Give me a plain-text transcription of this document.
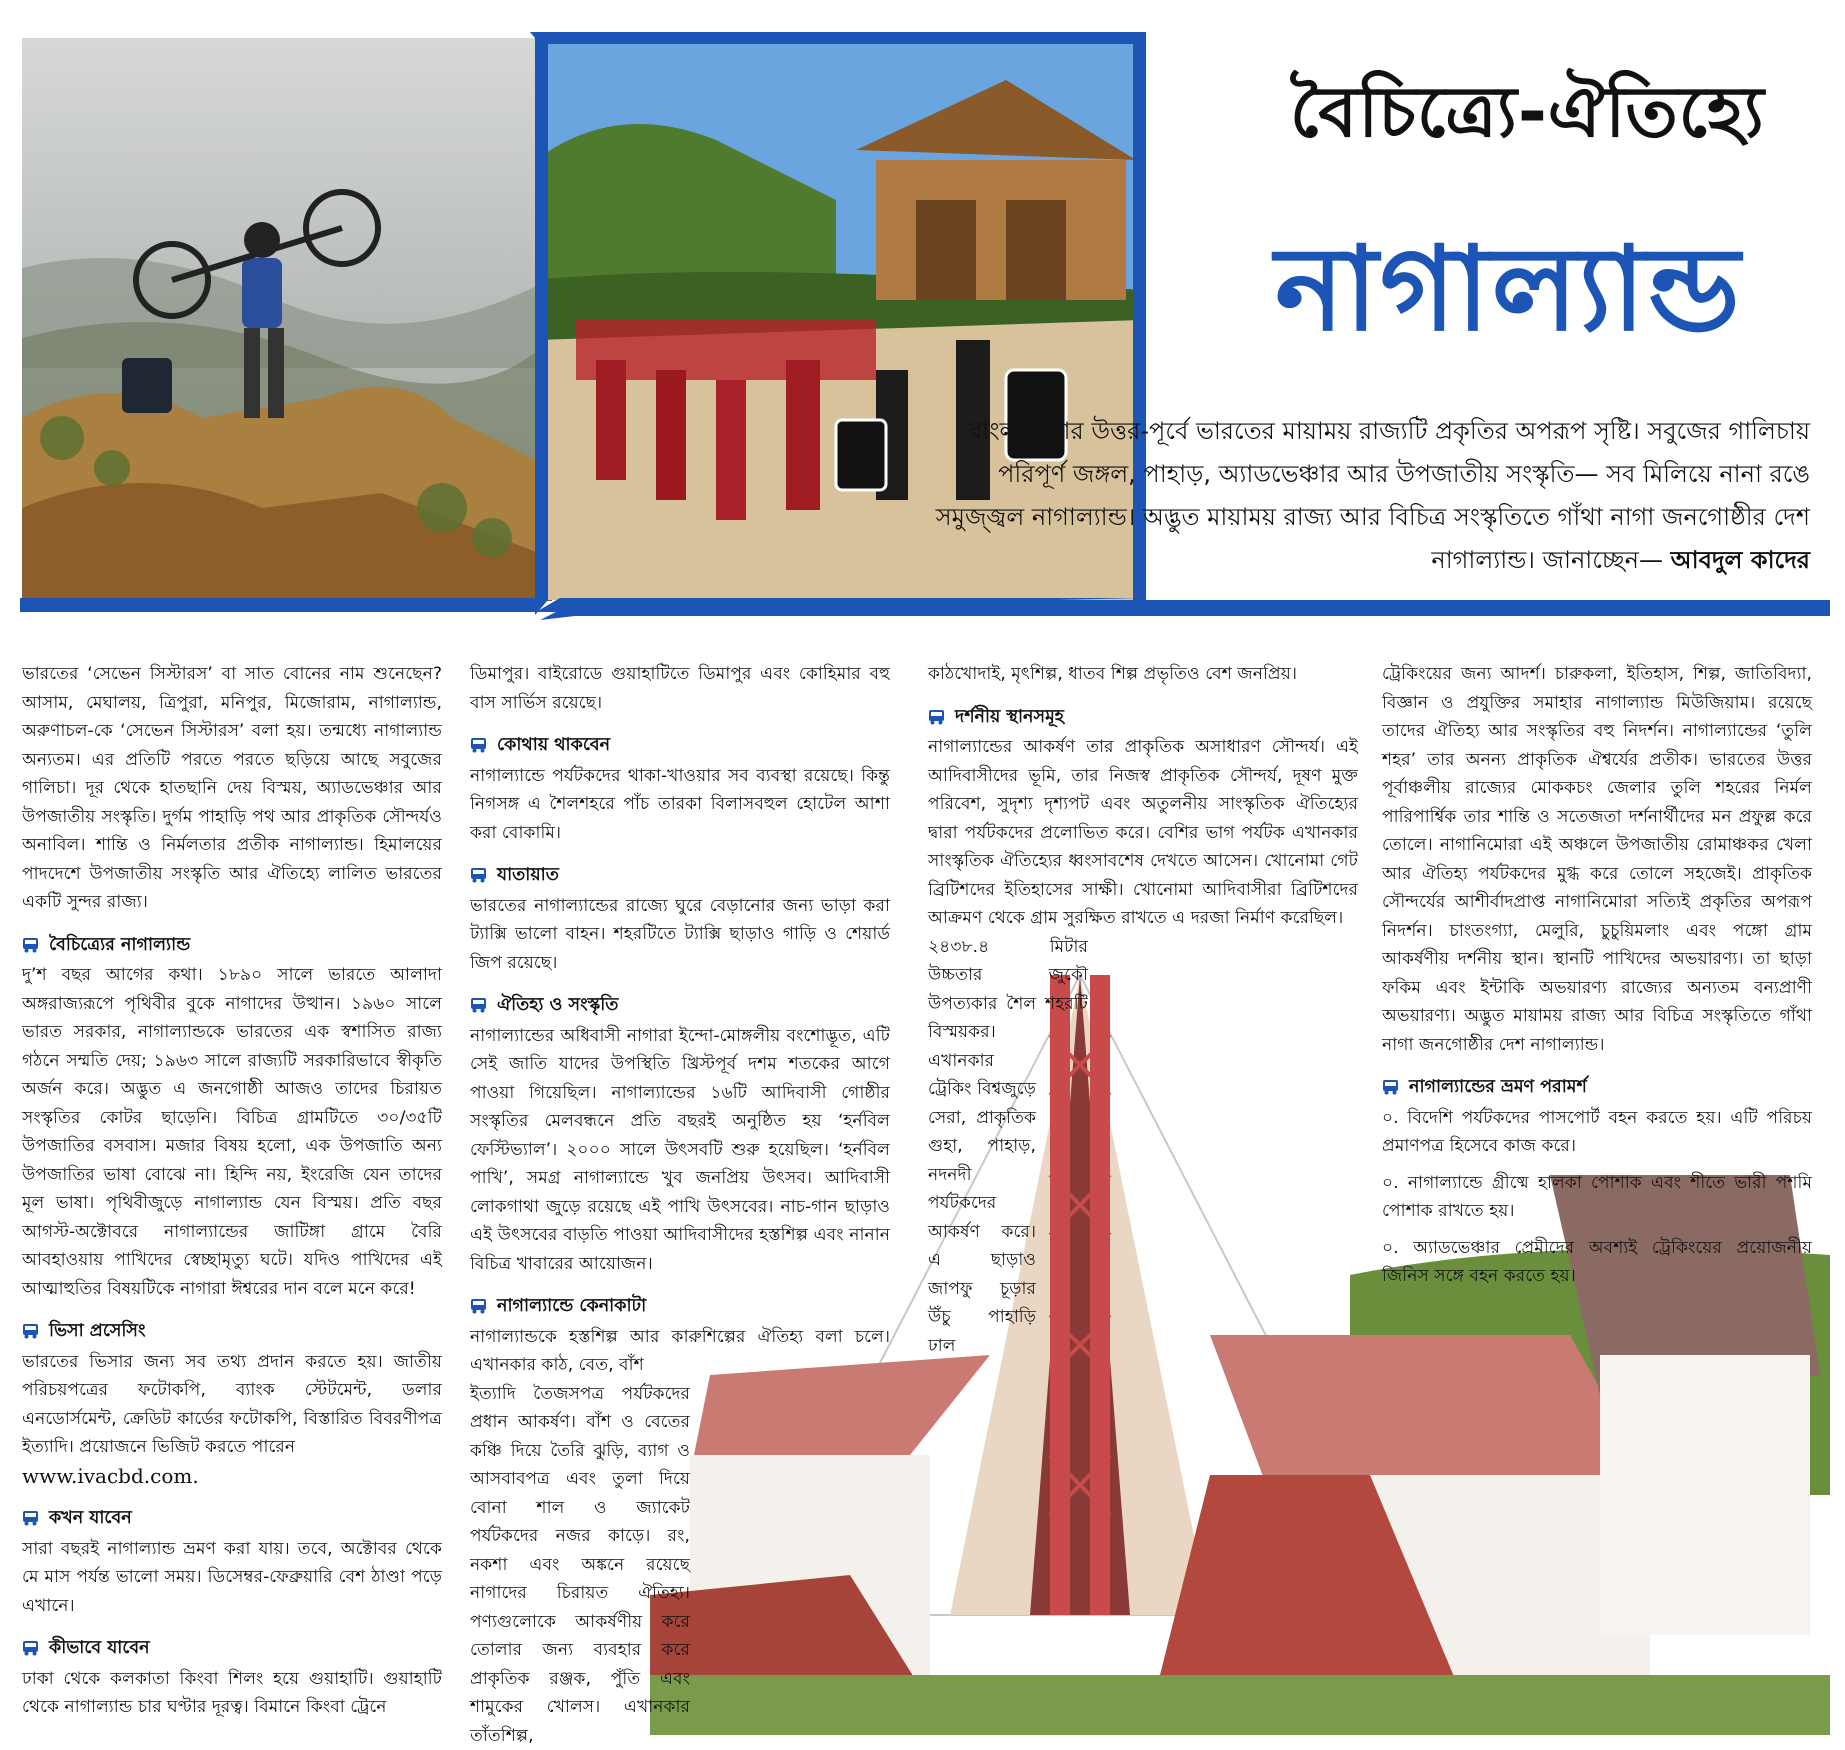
বৈচিত্র্যে-ঐতিহ্যে
নাগাল্যান্ড
বাংলাদেশের উত্তর-পূর্বে ভারতের মায়াময় রাজ্যটি প্রকৃতির অপরূপ সৃষ্টি। সবুজের গালিচায় পরিপূর্ণ জঙ্গল, পাহাড়, অ্যাডভেঞ্চার আর উপজাতীয় সংস্কৃতি— সব মিলিয়ে নানা রঙে সমুজ্জ্বল নাগাল্যান্ড। অদ্ভুত মায়াময় রাজ্য আর বিচিত্র সংস্কৃতিতে গাঁথা নাগা জনগোষ্ঠীর দেশ নাগাল্যান্ড। জানাচ্ছেন— আবদুল কাদের

ভারতের ‘সেভেন সিস্টারস’ বা সাত বোনের নাম শুনেছেন? আসাম, মেঘালয়, ত্রিপুরা, মনিপুর, মিজোরাম, নাগাল্যান্ড, অরুণাচল-কে ‘সেভেন সিস্টারস’ বলা হয়। তন্মধ্যে নাগাল্যান্ড অন্যতম। এর প্রতিটি পরতে পরতে ছড়িয়ে আছে সবুজের গালিচা। দূর থেকে হাতছানি দেয় বিস্ময়, অ্যাডভেঞ্চার আর উপজাতীয় সংস্কৃতি। দুর্গম পাহাড়ি পথ আর প্রাকৃতিক সৌন্দর্যও অনাবিল। শান্তি ও নির্মলতার প্রতীক নাগাল্যান্ড। হিমালয়ের পাদদেশে উপজাতীয় সংস্কৃতি আর ঐতিহ্যে লালিত ভারতের একটি সুন্দর রাজ্য।

বৈচিত্র্যের নাগাল্যান্ড

দু’শ বছর আগের কথা। ১৮৯০ সালে ভারতে আলাদা অঙ্গরাজ্যরূপে পৃথিবীর বুকে নাগাদের উত্থান। ১৯৬০ সালে ভারত সরকার, নাগাল্যান্ডকে ভারতের এক স্বশাসিত রাজ্য গঠনে সম্মতি দেয়; ১৯৬৩ সালে রাজ্যটি সরকারিভাবে স্বীকৃতি অর্জন করে। অদ্ভুত এ জনগোষ্ঠী আজও তাদের চিরায়ত সংস্কৃতির কোটর ছাড়েনি। বিচিত্র গ্রামটিতে ৩০/৩৫টি উপজাতির বসবাস। মজার বিষয় হলো, এক উপজাতি অন্য উপজাতির ভাষা বোঝে না। হিন্দি নয়, ইংরেজি যেন তাদের মূল ভাষা। পৃথিবীজুড়ে নাগাল্যান্ড যেন বিস্ময়। প্রতি বছর আগস্ট-অক্টোবরে নাগাল্যান্ডের জাটিঙ্গা গ্রামে বৈরি আবহাওয়ায় পাখিদের স্বেচ্ছামৃত্যু ঘটে। যদিও পাখিদের এই আত্মাহুতির বিষয়টিকে নাগারা ঈশ্বরের দান বলে মনে করে!

ভিসা প্রসেসিং

ভারতের ভিসার জন্য সব তথ্য প্রদান করতে হয়। জাতীয় পরিচয়পত্রের ফটোকপি, ব্যাংক স্টেটমেন্ট, ডলার এনডোর্সমেন্ট, ক্রেডিট কার্ডের ফটোকপি, বিস্তারিত বিবরণীপত্র ইত্যাদি। প্রয়োজনে ভিজিট করতে পারেন

www.ivacbd.com.

কখন যাবেন

সারা বছরই নাগাল্যান্ড ভ্রমণ করা যায়। তবে, অক্টোবর থেকে মে মাস পর্যন্ত ভালো সময়। ডিসেম্বর-ফেব্রুয়ারি বেশ ঠাণ্ডা পড়ে এখানে।

কীভাবে যাবেন

ঢাকা থেকে কলকাতা কিংবা শিলং হয়ে গুয়াহাটি। গুয়াহাটি থেকে নাগাল্যান্ড চার ঘণ্টার দূরত্ব। বিমানে কিংবা ট্রেনে

ডিমাপুর। বাইরোডে গুয়াহাটিতে ডিমাপুর এবং কোহিমার বহু বাস সার্ভিস রয়েছে।

কোথায় থাকবেন

নাগাল্যান্ডে পর্যটকদের থাকা-খাওয়ার সব ব্যবস্থা রয়েছে। কিন্তু নিগসঙ্গ এ শৈলশহরে পাঁচ তারকা বিলাসবহুল হোটেল আশা করা বোকামি।

যাতায়াত

ভারতের নাগাল্যান্ডের রাজ্যে ঘুরে বেড়ানোর জন্য ভাড়া করা ট্যাক্সি ভালো বাহন। শহরটিতে ট্যাক্সি ছাড়াও গাড়ি ও শেয়ার্ড জিপ রয়েছে।

ঐতিহ্য ও সংস্কৃতি

নাগাল্যান্ডের অধিবাসী নাগারা ইন্দো-মোঙ্গলীয় বংশোদ্ভূত, এটি সেই জাতি যাদের উপস্থিতি খ্রিস্টপূর্ব দশম শতকের আগে পাওয়া গিয়েছিল। নাগাল্যান্ডের ১৬টি আদিবাসী গোষ্ঠীর সংস্কৃতির মেলবন্ধনে প্রতি বছরই অনুষ্ঠিত হয় ‘হর্নবিল ফেস্টিভ্যাল’। ২০০০ সালে উৎসবটি শুরু হয়েছিল। ‘হর্নবিল পাখি’, সমগ্র নাগাল্যান্ডে খুব জনপ্রিয় উৎসব। আদিবাসী লোকগাথা জুড়ে রয়েছে এই পাখি উৎসবের। নাচ-গান ছাড়াও এই উৎসবের বাড়তি পাওয়া আদিবাসীদের হস্তশিল্প এবং নানান বিচিত্র খাবারের আয়োজন।

নাগাল্যান্ডে কেনাকাটা

নাগাল্যান্ডকে হস্তশিল্প আর কারুশিল্পের ঐতিহ্য বলা চলে। এখানকার কাঠ, বেত, বাঁশ

ইত্যাদি তৈজসপত্র পর্যটকদের প্রধান আকর্ষণ। বাঁশ ও বেতের কঞ্চি দিয়ে তৈরি ঝুড়ি, ব্যাগ ও আসবাবপত্র এবং তুলা দিয়ে বোনা শাল ও জ্যাকেট পর্যটকদের নজর কাড়ে। রং, নকশা এবং অঙ্কনে রয়েছে নাগাদের চিরায়ত ঐতিহ্য। পণ্যগুলোকে আকর্ষণীয় করে তোলার জন্য ব্যবহার করে প্রাকৃতিক রঞ্জক, পুঁতি এবং শামুকের খোলস। এখানকার তাঁতশিল্প,

কাঠখোদাই, মৃৎশিল্প, ধাতব শিল্প প্রভৃতিও বেশ জনপ্রিয়।

দর্শনীয় স্থানসমূহ

নাগাল্যান্ডের আকর্ষণ তার প্রাকৃতিক অসাধারণ সৌন্দর্য। এই আদিবাসীদের ভূমি, তার নিজস্ব প্রাকৃতিক সৌন্দর্য, দূষণ মুক্ত পরিবেশ, সুদৃশ্য দৃশ্যপট এবং অতুলনীয় সাংস্কৃতিক ঐতিহ্যের দ্বারা পর্যটকদের প্রলোভিত করে। বেশির ভাগ পর্যটক এখানকার সাংস্কৃতিক ঐতিহ্যের ধ্বংসাবশেষ দেখতে আসেন। খোনোমা গেট ব্রিটিশদের ইতিহাসের সাক্ষী। খোনোমা আদিবাসীরা ব্রিটিশদের আক্রমণ থেকে গ্রাম সুরক্ষিত রাখতে এ দরজা নির্মাণ করেছিল।

২৪৩৮.৪ মিটার উচ্চতার জুকৌ উপত্যকার শৈল শহরটি বিস্ময়কর।

এখানকার ট্রেকিং বিশ্বজুড়ে সেরা, প্রাকৃতিক গুহা, পাহাড়, নদনদী পর্যটকদের আকর্ষণ করে। এ ছাড়াও জাপফু চূড়ার উঁচু পাহাড়ি ঢাল

ট্রেকিংয়ের জন্য আদর্শ। চারুকলা, ইতিহাস, শিল্প, জাতিবিদ্যা, বিজ্ঞান ও প্রযুক্তির সমাহার নাগাল্যান্ড মিউজিয়াম। রয়েছে তাদের ঐতিহ্য আর সংস্কৃতির বহু নিদর্শন। নাগাল্যান্ডের ‘তুলি শহর’ তার অনন্য প্রাকৃতিক ঐশ্বর্যের প্রতীক। ভারতের উত্তর পূর্বাঞ্চলীয় রাজ্যের মোককচং জেলার তুলি শহরের নির্মল পারিপার্শ্বিক তার শান্তি ও সতেজতা দর্শনার্থীদের মন প্রফুল্ল করে তোলে। নাগানিমোরা এই অঞ্চলে উপজাতীয় রোমাঞ্চকর খেলা আর ঐতিহ্য পর্যটকদের মুগ্ধ করে তোলে সহজেই। প্রাকৃতিক সৌন্দর্যের আশীর্বাদপ্রাপ্ত নাগানিমোরা সত্যিই প্রকৃতির অপরূপ নিদর্শন। চাংতংগ্যা, মেলুরি, চুচুয়িমলাং এবং পঙ্গো গ্রাম আকর্ষণীয় দর্শনীয় স্থান। স্থানটি পাখিদের অভয়ারণ্য। তা ছাড়া ফকিম এবং ইন্টাকি অভয়ারণ্য রাজ্যের অন্যতম বন্যপ্রাণী অভয়ারণ্য। অদ্ভুত মায়াময় রাজ্য আর বিচিত্র সংস্কৃতিতে গাঁথা নাগা জনগোষ্ঠীর দেশ নাগাল্যান্ড।

নাগাল্যান্ডের ভ্রমণ পরামর্শ

০. বিদেশি পর্যটকদের পাসপোর্ট বহন করতে হয়। এটি পরিচয় প্রমাণপত্র হিসেবে কাজ করে।

০. নাগাল্যান্ডে গ্রীষ্মে হালকা পোশাক এবং শীতে ভারী পশমি পোশাক রাখতে হয়।

০. অ্যাডভেঞ্চার প্রেমীদের অবশ্যই ট্রেকিংয়ের প্রয়োজনীয় জিনিস সঙ্গে বহন করতে হয়।
